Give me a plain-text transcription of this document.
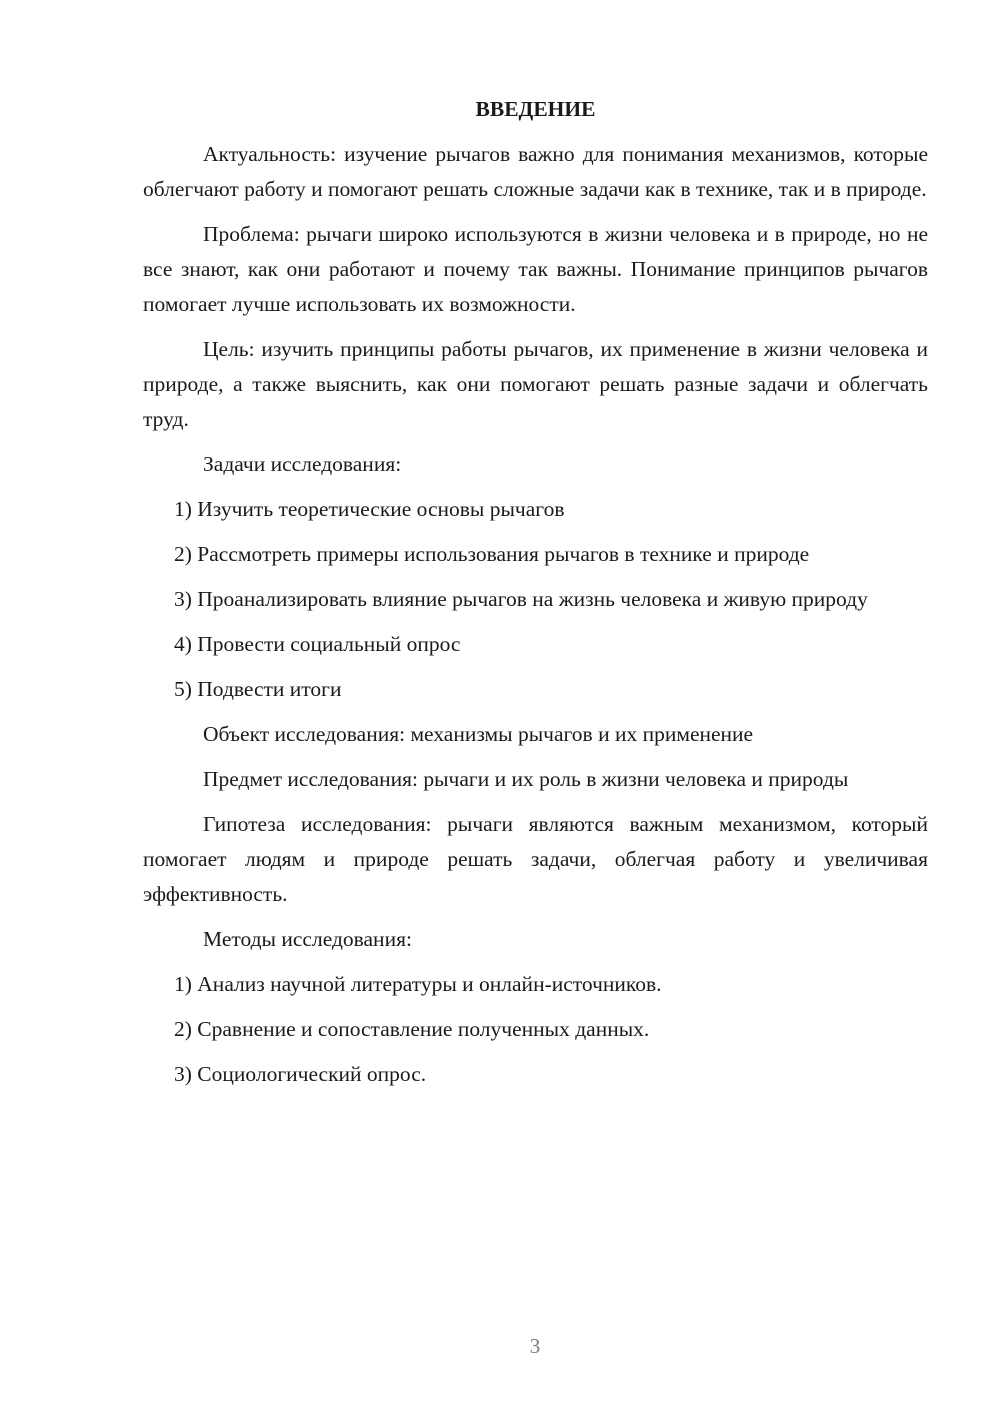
ВВЕДЕНИЕ

Актуальность: изучение рычагов важно для понимания механизмов, которые облегчают работу и помогают решать сложные задачи как в технике, так и в природе.

Проблема: рычаги широко используются в жизни человека и в природе, но не все знают, как они работают и почему так важны. Понимание принципов рычагов помогает лучше использовать их возможности.

Цель: изучить принципы работы рычагов, их применение в жизни человека и природе, а также выяснить, как они помогают решать разные задачи и облегчать труд.

Задачи исследования:

1) Изучить теоретические основы рычагов

2) Рассмотреть примеры использования рычагов в технике и природе

3) Проанализировать влияние рычагов на жизнь человека и живую природу

4) Провести социальный опрос

5) Подвести итоги

Объект исследования: механизмы рычагов и их применение

Предмет исследования: рычаги и их роль в жизни человека и природы

Гипотеза исследования: рычаги являются важным механизмом, который помогает людям и природе решать задачи, облегчая работу и увеличивая эффективность.

Методы исследования:

1) Анализ научной литературы и онлайн-источников.

2) Сравнение и сопоставление полученных данных.

3) Социологический опрос.

3
